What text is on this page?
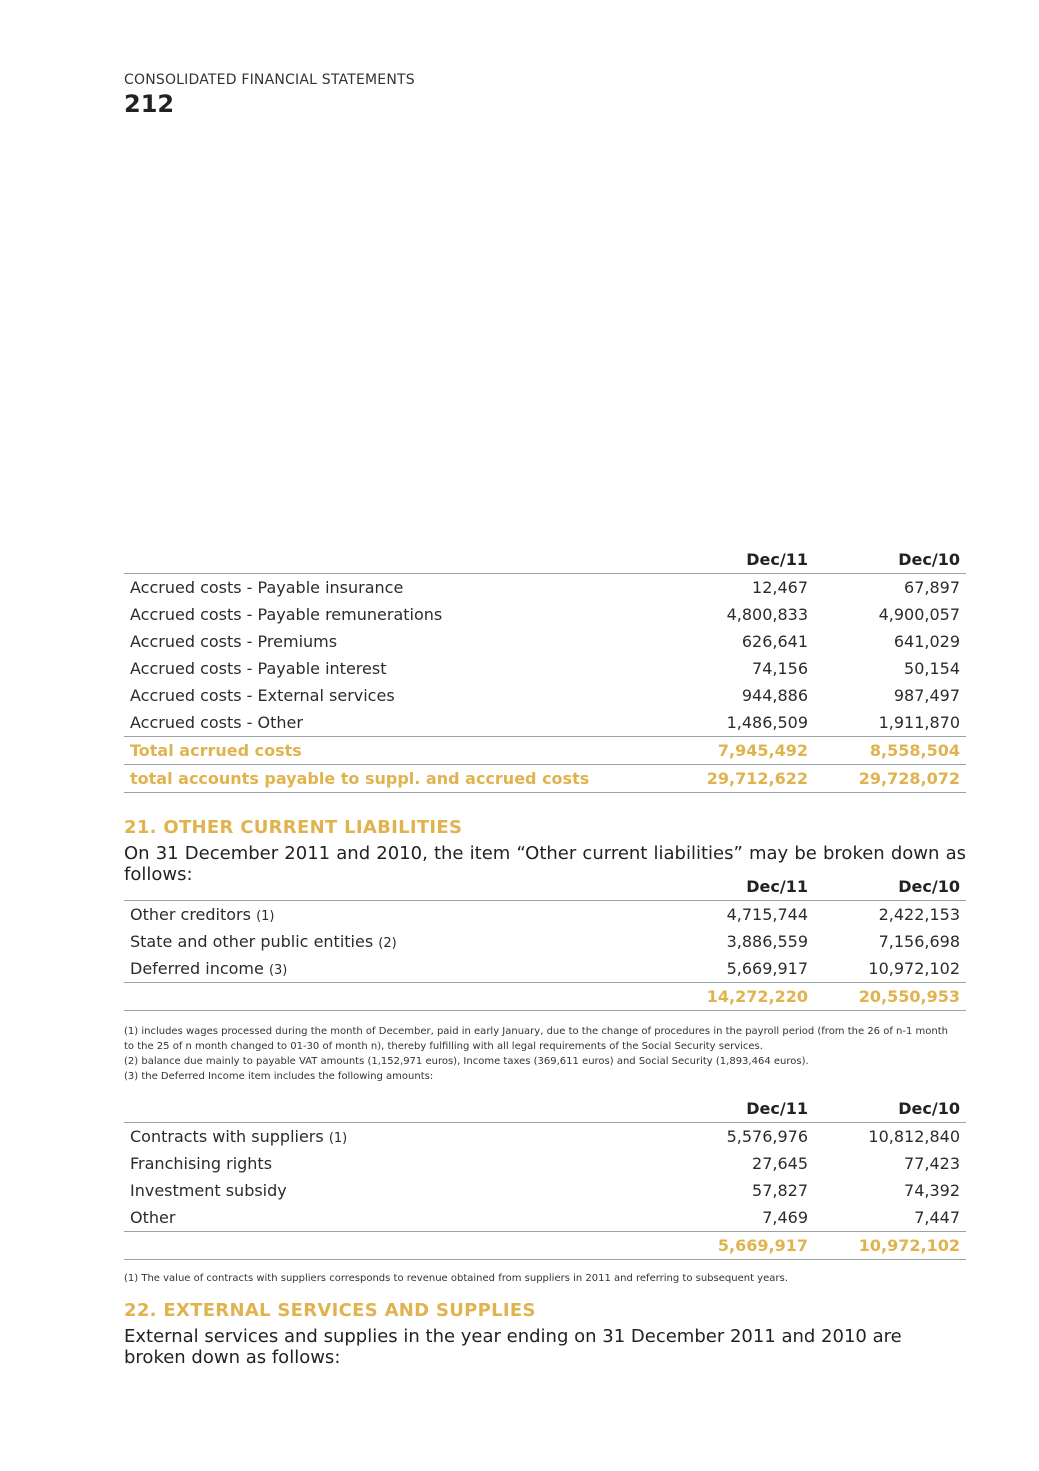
CONSOLIDATED FINANCIAL STATEMENTS
212
	Dec/11	Dec/10
Accrued costs - Payable insurance	12,467	67,897
Accrued costs - Payable remunerations	4,800,833	4,900,057
Accrued costs - Premiums	626,641	641,029
Accrued costs - Payable interest	74,156	50,154
Accrued costs - External services	944,886	987,497
Accrued costs - Other	1,486,509	1,911,870
Total acrrued costs	7,945,492	8,558,504
total accounts payable to suppl. and accrued costs	29,712,622	29,728,072
21. OTHER CURRENT LIABILITIES
On 31 December 2011 and 2010, the item “Other current liabilities” may be broken down as follows:
	Dec/11	Dec/10
Other creditors (1)	4,715,744	2,422,153
State and other public entities (2)	3,886,559	7,156,698
Deferred income (3)	5,669,917	10,972,102
	14,272,220	20,550,953
(1) includes wages processed during the month of December, paid in early January, due to the change of procedures in the payroll period (from the 26 of n-1 month
to the 25 of n month changed to 01-30 of month n), thereby fulfilling with all legal requirements of the Social Security services.
(2) balance due mainly to payable VAT amounts (1,152,971 euros), Income taxes (369,611 euros) and Social Security (1,893,464 euros).
(3) the Deferred Income item includes the following amounts:
	Dec/11	Dec/10
Contracts with suppliers (1)	5,576,976	10,812,840
Franchising rights	27,645	77,423
Investment subsidy	57,827	74,392
Other	7,469	7,447
	5,669,917	10,972,102
(1) The value of contracts with suppliers corresponds to revenue obtained from suppliers in 2011 and referring to subsequent years.
22. EXTERNAL SERVICES AND SUPPLIES
External services and supplies in the year ending on 31 December 2011 and 2010 are broken down as follows:
